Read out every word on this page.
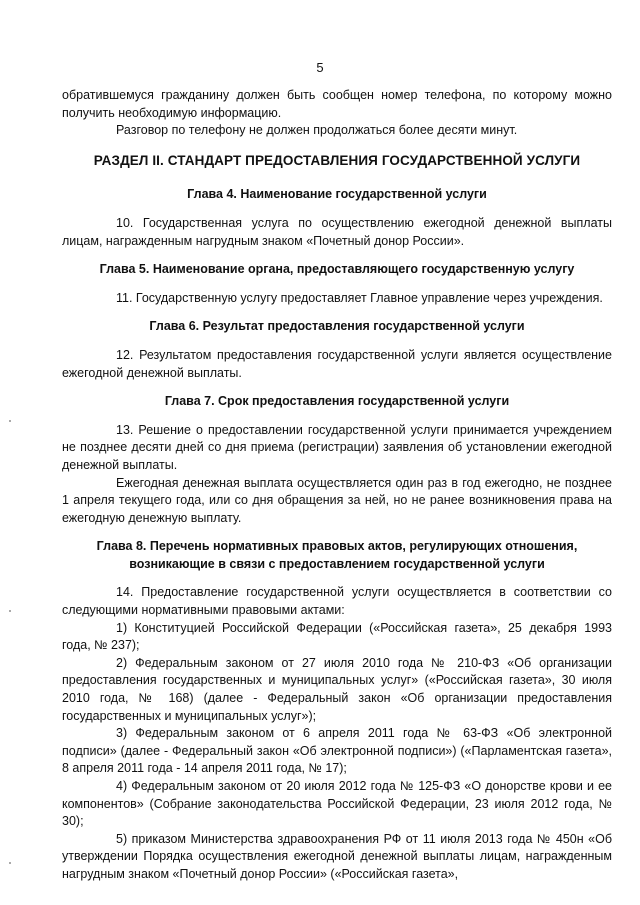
5

обратившемуся гражданину должен быть сообщен номер телефона, по которому можно получить необходимую информацию.

Разговор по телефону не должен продолжаться более десяти минут.

РАЗДЕЛ II. СТАНДАРТ ПРЕДОСТАВЛЕНИЯ ГОСУДАРСТВЕННОЙ УСЛУГИ
Глава 4. Наименование государственной услуги

10. Государственная услуга по осуществлению ежегодной денежной выплаты лицам, награжденным нагрудным знаком «Почетный донор России».

Глава 5. Наименование органа, предоставляющего государственную услугу

11. Государственную услугу предоставляет Главное управление через учреждения.

Глава 6. Результат предоставления государственной услуги

12. Результатом предоставления государственной услуги является осуществление ежегодной денежной выплаты.

Глава 7. Срок предоставления государственной услуги

13. Решение о предоставлении государственной услуги принимается учреждением не позднее десяти дней со дня приема (регистрации) заявления об установлении ежегодной денежной выплаты.

Ежегодная денежная выплата осуществляется один раз в год ежегодно, не позднее 1 апреля текущего года, или со дня обращения за ней, но не ранее возникновения права на ежегодную денежную выплату.

Глава 8. Перечень нормативных правовых актов, регулирующих отношения,
возникающие в связи с предоставлением государственной услуги

14. Предоставление государственной услуги осуществляется в соответствии со следующими нормативными правовыми актами:

1) Конституцией Российской Федерации («Российская газета», 25 декабря 1993 года, № 237);

2) Федеральным законом от 27 июля 2010 года № 210-ФЗ «Об организации предоставления государственных и муниципальных услуг» («Российская газета», 30 июля 2010 года, № 168) (далее - Федеральный закон «Об организации предоставления государственных и муниципальных услуг»);

3) Федеральным законом от 6 апреля 2011 года № 63-ФЗ «Об электронной подписи» (далее - Федеральный закон «Об электронной подписи») («Парламентская газета», 8 апреля 2011 года - 14 апреля 2011 года, № 17);

4) Федеральным законом от 20 июля 2012 года № 125-ФЗ «О донорстве крови и ее компонентов» (Собрание законодательства Российской Федерации, 23 июля 2012 года, № 30);

5) приказом Министерства здравоохранения РФ от 11 июля 2013 года № 450н «Об утверждении Порядка осуществления ежегодной денежной выплаты лицам, награжденным нагрудным знаком «Почетный донор России» («Российская газета»,
